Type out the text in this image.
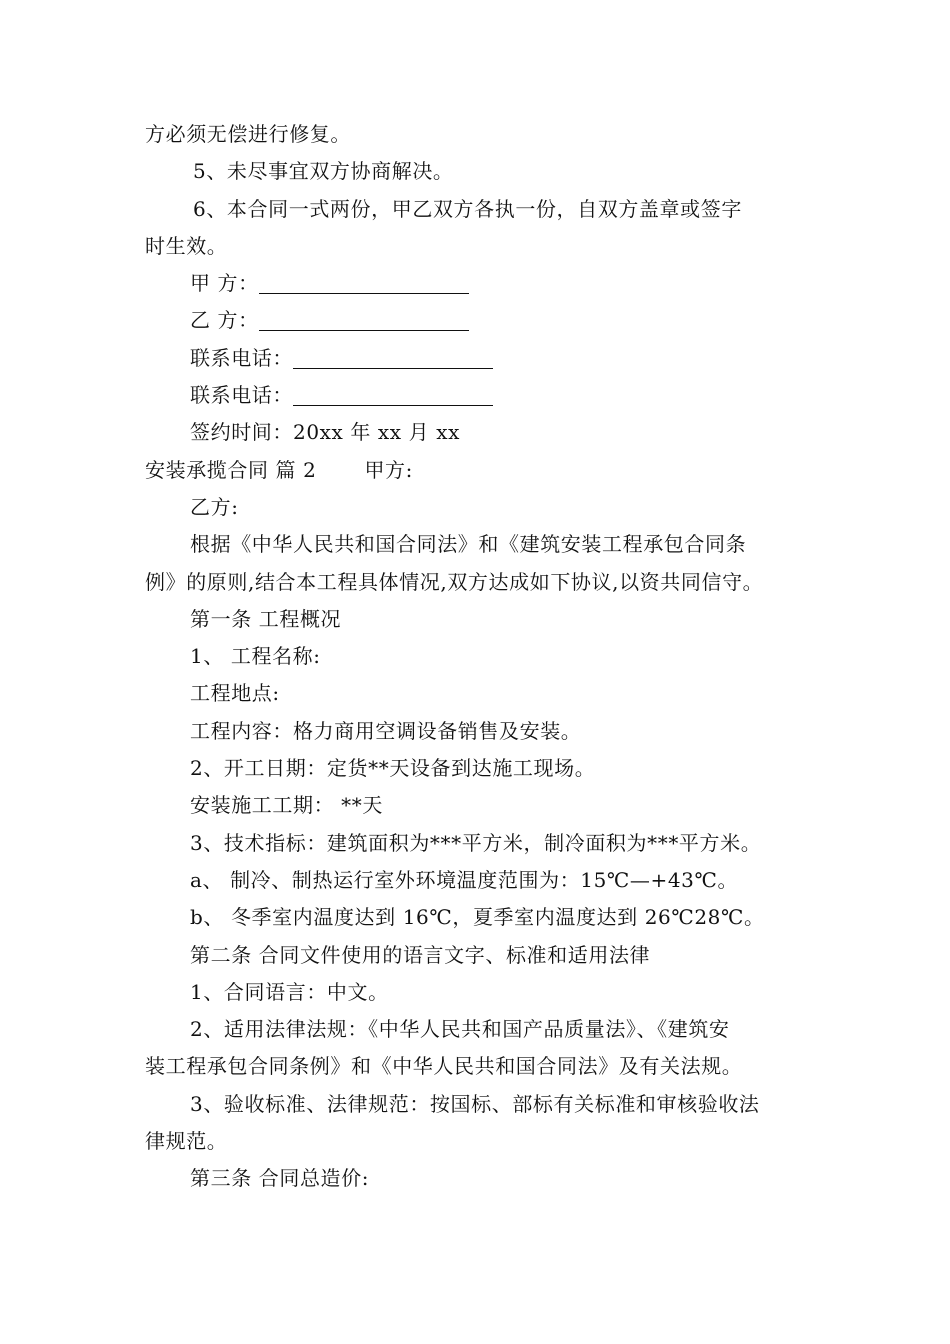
方必须无偿进行修复。
5、未尽事宜双方协商解决。
6、本合同一式两份，甲乙双方各执一份，自双方盖章或签字
时生效。
甲 方：
乙 方：
联系电话：
联系电话：
签约时间：20xx 年 xx 月 xx
安装承揽合同 篇 2 甲方:
乙方:
根据《中华人民共和国合同法》和《建筑安装工程承包合同条
例》的原则,结合本工程具体情况,双方达成如下协议,以资共同信守。
第一条 工程概况
1、 工程名称:
工程地点:
工程内容：格力商用空调设备销售及安装。
2、开工日期：定货**天设备到达施工现场。
安装施工工期： **天
3、技术指标：建筑面积为***平方米，制冷面积为***平方米。
a、 制冷、制热运行室外环境温度范围为：15℃—+43℃。
b、 冬季室内温度达到 16℃，夏季室内温度达到 26℃28℃。
第二条 合同文件使用的语言文字、标准和适用法律
1、合同语言：中文。
2、适用法律法规：《中华人民共和国产品质量法》、《建筑安
装工程承包合同条例》和《中华人民共和国合同法》及有关法规。
3、验收标准、法律规范：按国标、部标有关标准和审核验收法
律规范。
第三条 合同总造价:
